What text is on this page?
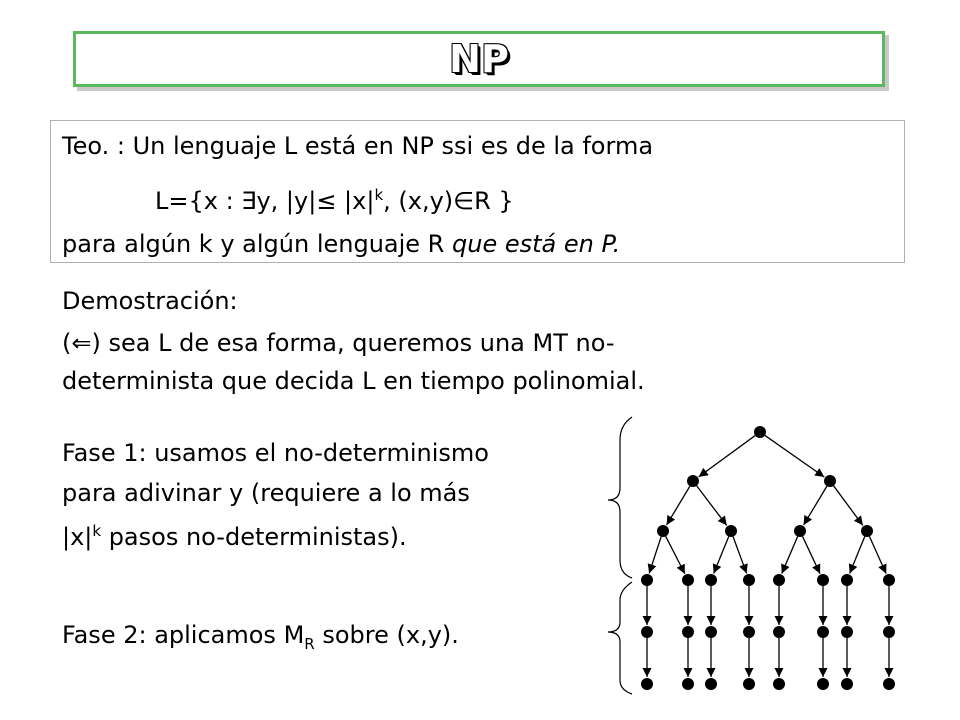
NP
Teo. : Un lenguaje L está en NP ssi es de la forma
L={x : ∃y, $|y|\le |x|^k$, (x,y)∈R }
para algún k y algún lenguaje R que está en P.
Demostración:
(⇐) sea L de esa forma, queremos una MT no-
determinista que decida L en tiempo polinomial.
Fase 1: usamos el no-determinismo
para adivinar y (requiere a lo más
$|x|^k$ pasos no-deterministas).
Fase 2: aplicamos $M_R$ sobre (x,y).
